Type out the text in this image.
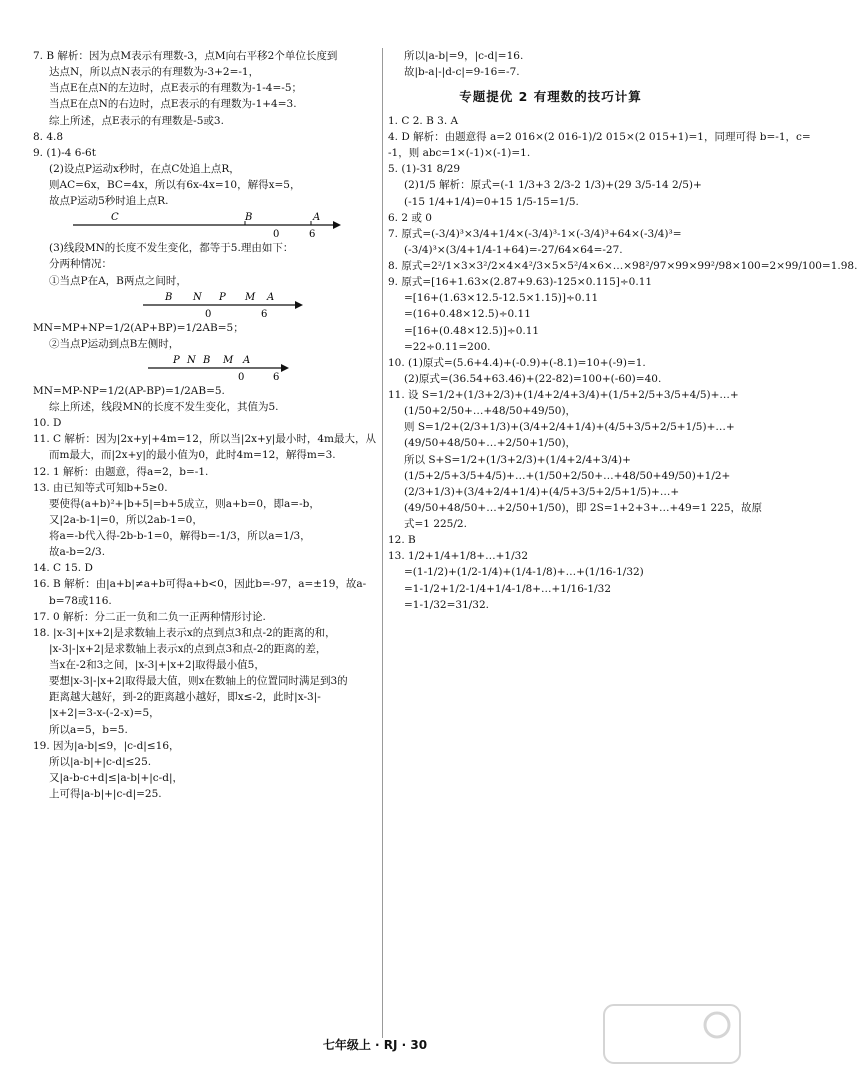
7. B 解析：因为点M表示有理数-3，点M向右平移2个单位长度到
达点N，所以点N表示的有理数为-3+2=-1，
当点E在点N的左边时，点E表示的有理数为-1-4=-5；
当点E在点N的右边时，点E表示的有理数为-1+4=3.
综上所述，点E表示的有理数是-5或3.
8. 4.8
9. (1)-4 6-6t
(2)设点P运动x秒时，在点C处追上点R，
则AC=6x，BC=4x，所以有6x-4x=10，解得x=5，
故点P运动5秒时追上点R.
C	B	A
0	6
(3)线段MN的长度不发生变化，都等于5.理由如下：
分两种情况：
①当点P在A，B两点之间时，
B N P M A
0	6
MN=MP+NP=1/2(AP+BP)=1/2AB=5；
②当点P运动到点B左侧时，
P N B M A
0	6
MN=MP-NP=1/2(AP-BP)=1/2AB=5.
综上所述，线段MN的长度不发生变化，其值为5.
10. D
11. C 解析：因为|2x+y|+4m=12，所以当|2x+y|最小时，4m最大，从
而m最大，而|2x+y|的最小值为0，此时4m=12，解得m=3.
12. 1 解析：由题意，得a=2，b=-1.
13. 由已知等式可知b+5≥0.
要使得(a+b)²+|b+5|=b+5成立，则a+b=0，即a=-b，
又|2a-b-1|=0，所以2ab-1=0，
将a=-b代入得-2b-b-1=0，解得b=-1/3，所以a=1/3，
故a-b=2/3.
14. C 15. D
16. B 解析：由|a+b|≠a+b可得a+b<0，因此b=-97，a=±19，故a-
b=78或116.
17. 0 解析：分二正一负和二负一正两种情形讨论.
18. |x-3|+|x+2|是求数轴上表示x的点到点3和点-2的距离的和，
|x-3|-|x+2|是求数轴上表示x的点到点3和点-2的距离的差，
当x在-2和3之间，|x-3|+|x+2|取得最小值5，
要想|x-3|-|x+2|取得最大值，则x在数轴上的位置同时满足到3的
距离越大越好，到-2的距离越小越好，即x≤-2，此时|x-3|-
|x+2|=3-x-(-2-x)=5，
所以a=5，b=5.
19. 因为|a-b|≤9，|c-d|≤16，
所以|a-b|+|c-d|≤25.
又|a-b-c+d|≤|a-b|+|c-d|，
上可得|a-b|+|c-d|=25.
所以|a-b|=9，|c-d|=16.
故|b-a|-|d-c|=9-16=-7.
专题提优 2 有理数的技巧计算
1. C 2. B 3. A
4. D 解析：由题意得 a=2 016×(2 016-1)/2 015×(2 015+1)=1，同理可得 b=-1，c=
-1，则 abc=1×(-1)×(-1)=1.
5. (1)-31 8/29
(2)1/5 解析：原式=(-1 1/3+3 2/3-2 1/3)+(29 3/5-14 2/5)+
(-15 1/4+1/4)=0+15 1/5-15=1/5.
6. 2 或 0
7. 原式=(-3/4)³×3/4+1/4×(-3/4)³-1×(-3/4)³+64×(-3/4)³=
(-3/4)³×(3/4+1/4-1+64)=-27/64×64=-27.
8. 原式=2²/1×3×3²/2×4×4²/3×5×5²/4×6×…×98²/97×99×99²/98×100=2×99/100=1.98.
9. 原式=[16+1.63×(2.87+9.63)-125×0.115]÷0.11
=[16+(1.63×12.5-12.5×1.15)]÷0.11
=(16+0.48×12.5)÷0.11
=[16+(0.48×12.5)]÷0.11
=22÷0.11=200.
10. (1)原式=(5.6+4.4)+(-0.9)+(-8.1)=10+(-9)=1.
(2)原式=(36.54+63.46)+(22-82)=100+(-60)=40.
11. 设 S=1/2+(1/3+2/3)+(1/4+2/4+3/4)+(1/5+2/5+3/5+4/5)+…+
(1/50+2/50+…+48/50+49/50)，
则 S=1/2+(2/3+1/3)+(3/4+2/4+1/4)+(4/5+3/5+2/5+1/5)+…+
(49/50+48/50+…+2/50+1/50)，
所以 S+S=1/2+(1/3+2/3)+(1/4+2/4+3/4)+
(1/5+2/5+3/5+4/5)+…+(1/50+2/50+…+48/50+49/50)+1/2+
(2/3+1/3)+(3/4+2/4+1/4)+(4/5+3/5+2/5+1/5)+…+
(49/50+48/50+…+2/50+1/50)，即 2S=1+2+3+…+49=1 225，故原
式=1 225/2.
12. B
13. 1/2+1/4+1/8+…+1/32
=(1-1/2)+(1/2-1/4)+(1/4-1/8)+…+(1/16-1/32)
=1-1/2+1/2-1/4+1/4-1/8+…+1/16-1/32
=1-1/32=31/32.
七年级上 · RJ · 30
